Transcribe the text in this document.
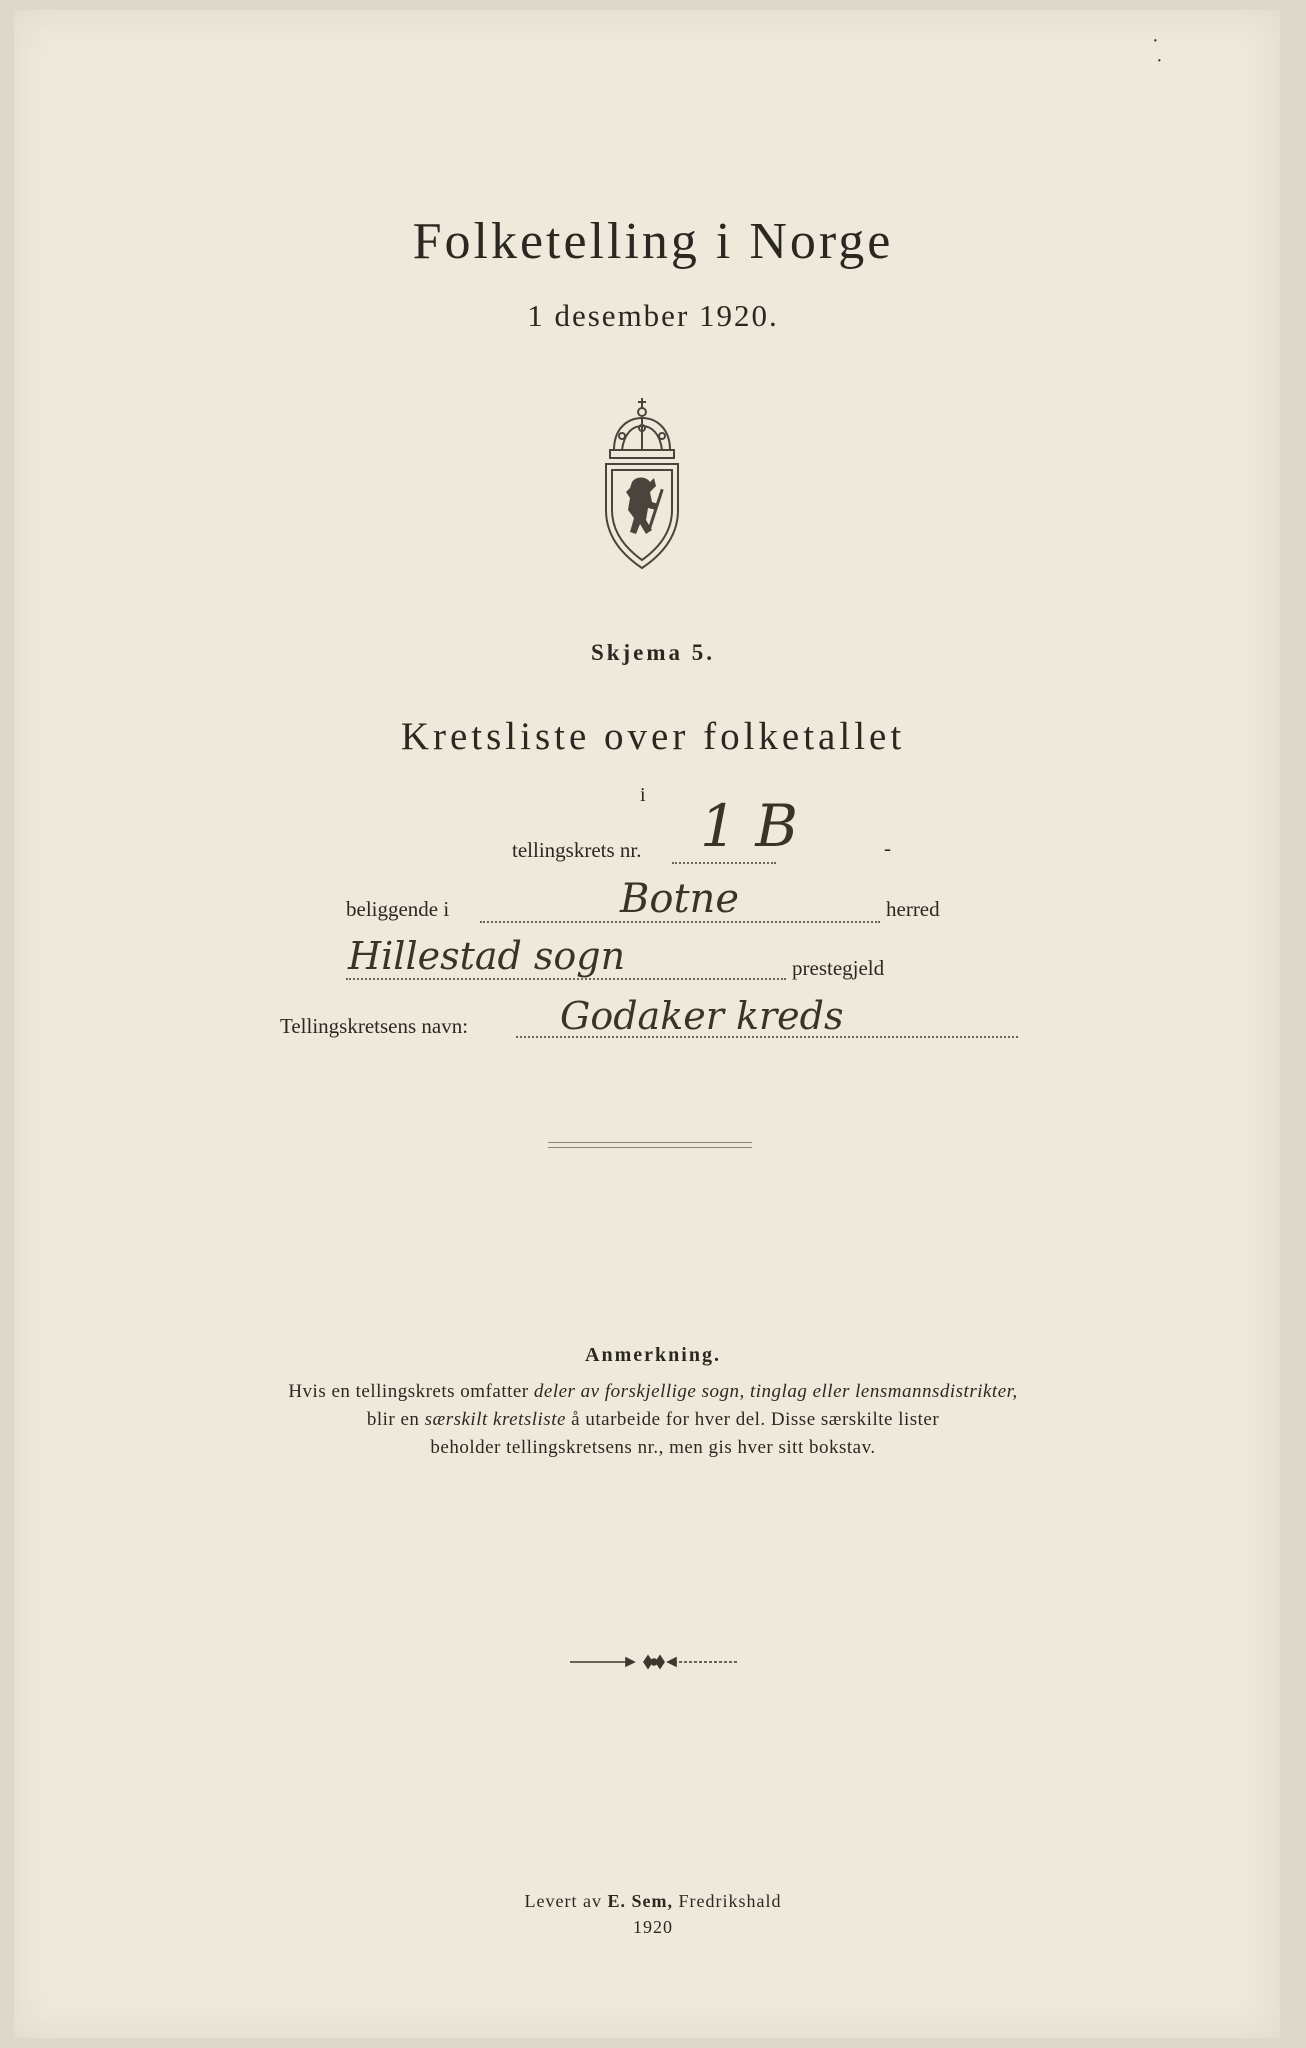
·
·
Folketelling i Norge
1 desember 1920.
Skjema 5.
Kretsliste over folketallet
i
tellingskrets nr. 1 B	-
beliggende i	Botne	herred
Hillestad sogn	prestegjeld
Tellingskretsens navn: Godaker kreds
Anmerkning.
Hvis en tellingskrets omfatter deler av forskjellige sogn, tinglag eller lensmannsdistrikter,
blir en særskilt kretsliste å utarbeide for hver del. Disse særskilte lister
beholder tellingskretsens nr., men gis hver sitt bokstav.
Levert av E. Sem, Fredrikshald
1920
